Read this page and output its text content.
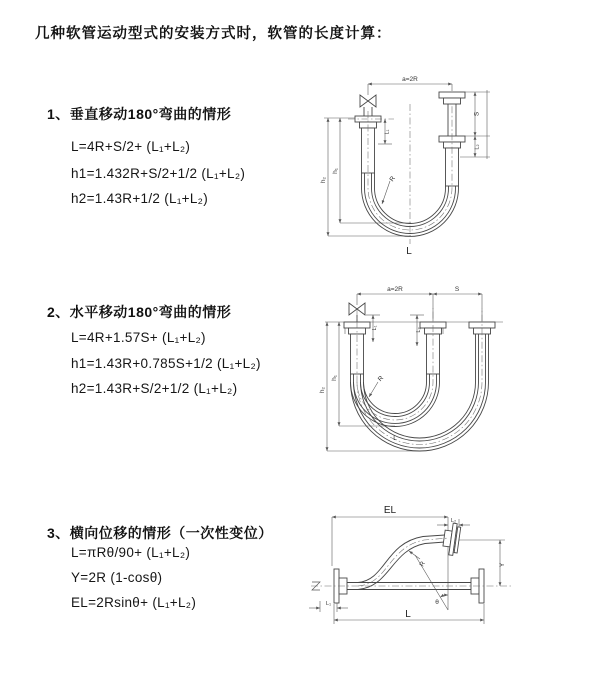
几种软管运动型式的安装方式时，软管的长度计算：
1、垂直移动180°弯曲的情形
L=4R+S/2+ (L₁+L₂)
h1=1.432R+S/2+1/2 (L₁+L₂)
h2=1.43R+1/2 (L₁+L₂)
2、水平移动180°弯曲的情形
L=4R+1.57S+ (L₁+L₂)
h1=1.43R+0.785S+1/2 (L₁+L₂)
h2=1.43R+S/2+1/2 (L₁+L₂)
3、横向位移的情形（一次性变位）
L=πRθ/90+ (L₁+L₂)
Y=2R (1-cosθ)
EL=2Rsinθ+ (L₁+L₂)
a=2R
h₂
h₁
L₁
S
L₂
R
L
a=2R	S
h₂
h₁
L₁	L₂
R
L
EL
L₂
Y
R
θ
L
L₁
